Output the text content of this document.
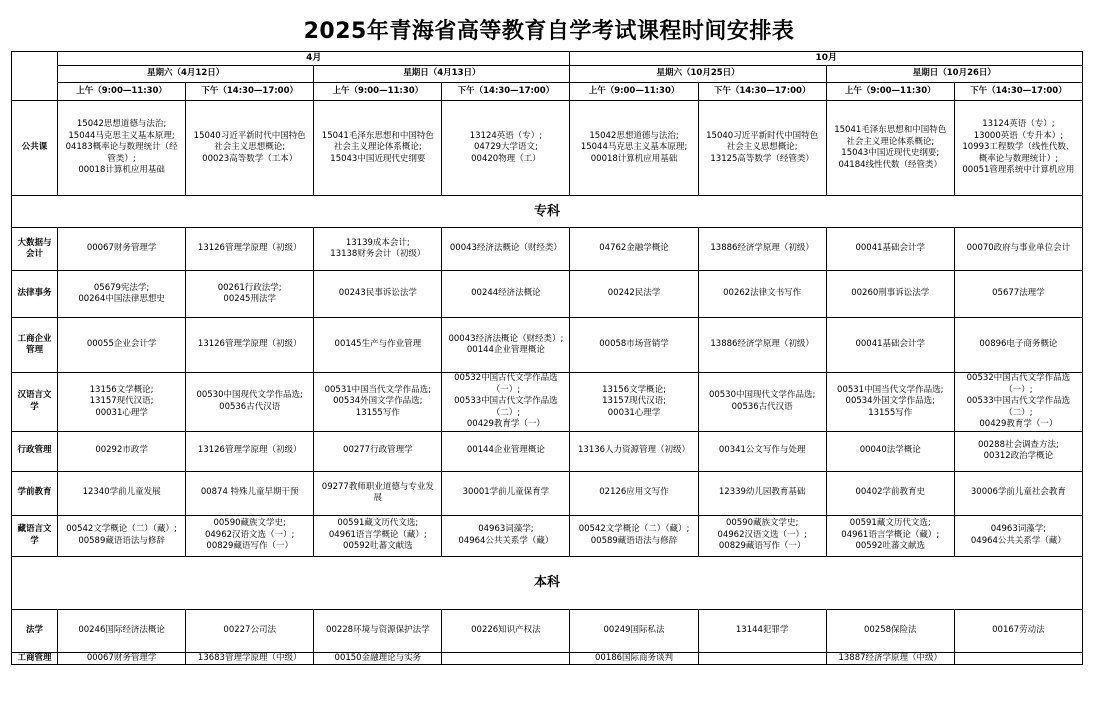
2025年青海省高等教育自学考试课程时间安排表
	4月				10月			
	星期六（4月12日）		星期日（4月13日）		星期六（10月25日）		星期日（10月26日）	
	上午（9:00—11:30）	下午（14:30—17:00）	上午（9:00—11:30）	下午（14:30—17:00）	上午（9:00—11:30）	下午（14:30—17:00）	上午（9:00—11:30）	下午（14:30—17:00）

公共课	15042思想道德与法治;
15044马克思主义基本原理;
04183概率论与数理统计（经
管类）;
00018计算机应用基础	15040习近平新时代中国特色
社会主义思想概论;
00023高等数学（工本）	15041毛泽东思想和中国特色
社会主义理论体系概论;
15043中国近现代史纲要	13124英语（专）;
04729大学语文;
00420物理（工）	15042思想道德与法治;
15044马克思主义基本原理;
00018计算机应用基础	15040习近平新时代中国特色
社会主义思想概论;
13125高等数学（经管类）	15041毛泽东思想和中国特色
社会主义理论体系概论;
15043中国近现代史纲要;
04184线性代数（经管类）	13124英语（专）;
13000英语（专升本）;
10993工程数学（线性代数、
概率论与数理统计）;
00051管理系统中计算机应用

专科								

大数据与
会计	00067财务管理学	13126管理学原理（初级）	13139成本会计;
13138财务会计（初级）	00043经济法概论（财经类）	04762金融学概论	13886经济学原理（初级）	00041基础会计学	00070政府与事业单位会计

法律事务	05679宪法学;
00264中国法律思想史	00261行政法学;
00245刑法学	00243民事诉讼法学	00244经济法概论	00242民法学	00262法律文书写作	00260刑事诉讼法学	05677法理学

工商企业
管理	00055企业会计学	13126管理学原理（初级）	00145生产与作业管理	00043经济法概论（财经类）;
00144企业管理概论	00058市场营销学	13886经济学原理（初级）	00041基础会计学	00896电子商务概论

汉语言文
学	13156文学概论;
13157现代汉语;
00031心理学	00530中国现代文学作品选;
00536古代汉语	00531中国当代文学作品选;
00534外国文学作品选;
13155写作	00532中国古代文学作品选
（一）;
00533中国古代文学作品选
（二）;
00429教育学（一）	13156文学概论;
13157现代汉语;
00031心理学	00530中国现代文学作品选;
00536古代汉语	00531中国当代文学作品选;
00534外国文学作品选;
13155写作	00532中国古代文学作品选
（一）;
00533中国古代文学作品选
（二）;
00429教育学（一）

行政管理	00292市政学	13126管理学原理（初级）	00277行政管理学	00144企业管理概论	13136人力资源管理（初级）	00341公文写作与处理	00040法学概论	00288社会调查方法;
00312政治学概论

学前教育	12340学前儿童发展	00874 特殊儿童早期干预	09277教师职业道德与专业发
展	30001学前儿童保育学	02126应用文写作	12339幼儿园教育基础	00402学前教育史	30006学前儿童社会教育

藏语言文
学	00542文学概论（二）（藏）;
00589藏语语法与修辞	00590藏族文学史;
04962汉语文选（一）;
00829藏语写作（一）	00591藏文历代文选;
04961语言学概论（藏）;
00592吐蕃文献选	04963词藻学;
04964公共关系学（藏）	00542文学概论（二）（藏）;
00589藏语语法与修辞	00590藏族文学史;
04962汉语文选（一）;
00829藏语写作（一）	00591藏文历代文选;
04961语言学概论（藏）;
00592吐蕃文献选	04963词藻学;
04964公共关系学（藏）

本科								

法学	00246国际经济法概论	00227公司法	00228环境与资源保护法学	00226知识产权法	00249国际私法	13144犯罪学	00258保险法	00167劳动法

工商管理	00067财务管理学	13683管理学原理（中级）	00150金融理论与实务		00186国际商务谈判		13887经济学原理（中级）	
